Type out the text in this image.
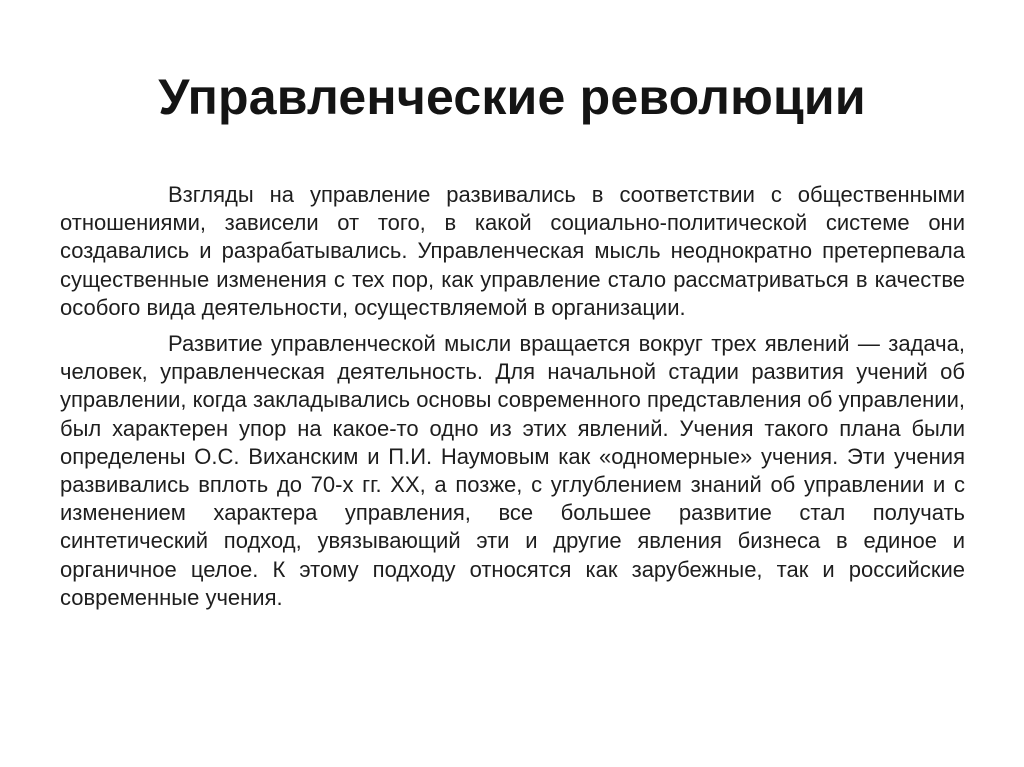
Управленческие революции

Взгляды на управление развивались в соответствии с общественными отношениями, зависели от того, в какой социально-политической системе они создавались и разрабатывались. Управленческая мысль неоднократно претерпевала существенные изменения с тех пор, как управление стало рассматриваться в качестве особого вида деятельности, осуществляемой в организации.

Развитие управленческой мысли вращается вокруг трех явлений — задача, человек, управленческая деятельность. Для начальной стадии развития учений об управлении, когда закладывались основы современного представления об управлении, был характерен упор на какое-то одно из этих явлений. Учения такого плана были определены О.С. Виханским и П.И. Наумовым как «одномерные» учения. Эти учения развивались вплоть до 70-х гг. XX, а позже, с углублением знаний об управлении и с изменением характера управления, все большее развитие стал получать синтетический подход, увязывающий эти и другие явления бизнеса в единое и органичное целое. К этому подходу относятся как зарубежные, так и российские современные учения.
